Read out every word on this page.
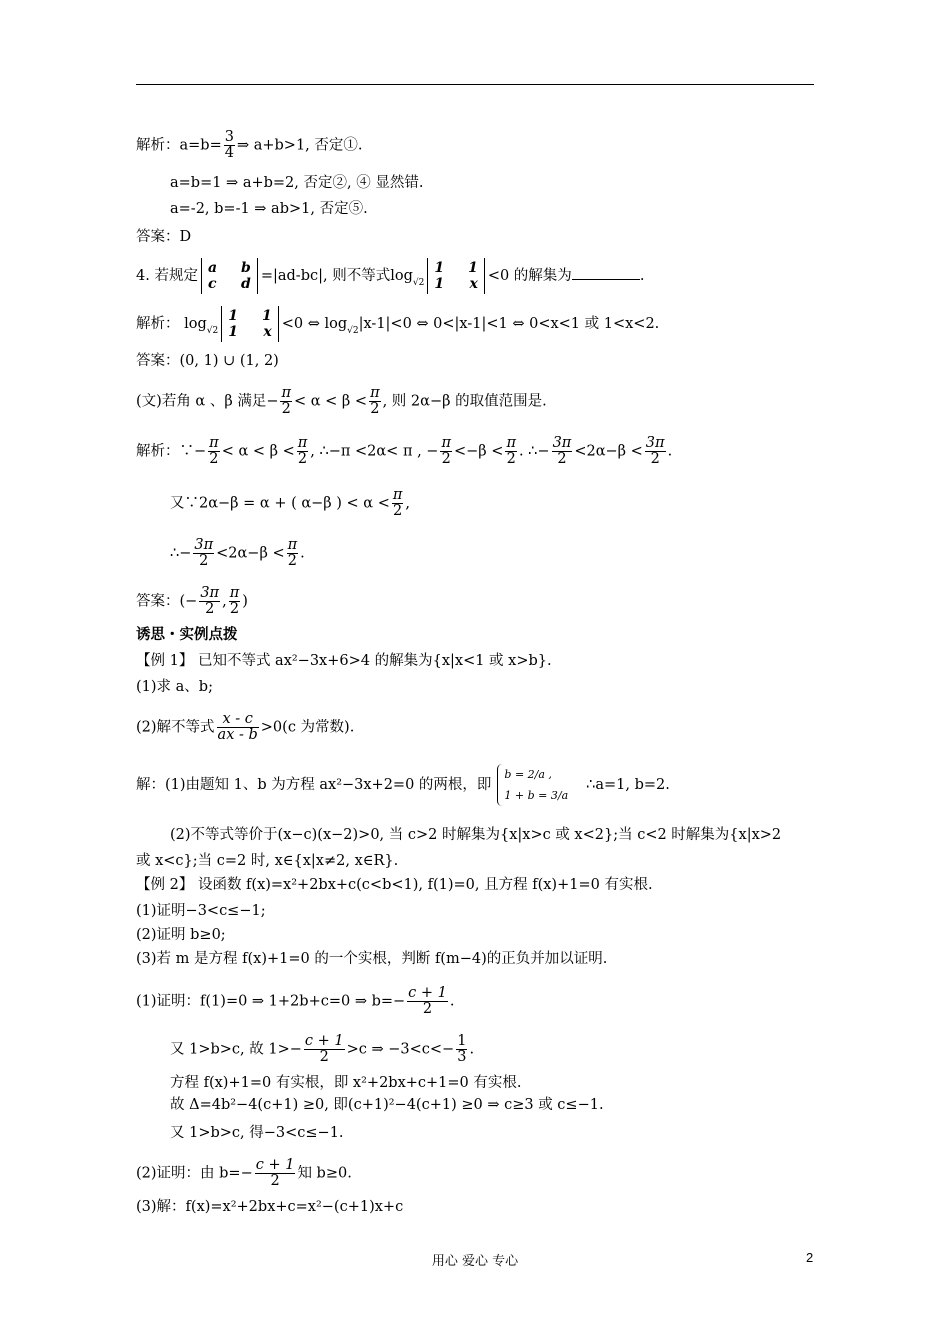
解析：$a=b= \frac{3}{4}$ ⇒ a+b>1, 否定①.
a=b=1 ⇒ a+b=2, 否定②, ④ 显然错.
a=-2, b=-1 ⇒ ab>1, 否定⑤.
答案：D
4. 若规定 a	b
c	d =|ad-bc|, 则不等式$\log_{√2}$
1	1
1	x <0 的解集为	.
解析： $\log_{√2}$
1	1
1	x <0 ⇔ $\log_{√2}|x-1|<0$ ⇔ 0<|x-1|<1 ⇔ 0<x<1 或 1<x<2.
答案：(0, 1) ∪ (1, 2)
(文)若角 α 、β 满足− $\frac{\pi}{2} < \alpha < \beta < \frac{\pi}{2}$ , 则 2α−β 的取值范围是.
解析：∵− $\frac{\pi}{2} < \alpha < \beta < \frac{\pi}{2}$ , ∴−π <2α< π , − $\frac{\pi}{2} <-\beta < \frac{\pi}{2}$ . ∴− $\frac{3\pi}{2} <2\alpha-\beta < \frac{3\pi}{2}$ .
又∵2α−β = α + ( α−β ) < $\alpha < \frac{\pi}{2}$ ,
∴− $\frac{3\pi}{2} <2\alpha-\beta < \frac{\pi}{2}$ .
答案：(− $\frac{3\pi}{2}$ , $\frac{\pi}{2}$ )
诱思・实例点拨
【例 1】 已知不等式 ax²−3x+6>4 的解集为{x|x<1 或 x>b}.
(1)求 a、b;
(2)解不等式 $\frac{x - c}{ax - b} >0(c$ 为常数).
解：(1)由题知 1、b 为方程 ax²−3x+2=0 的两根，即
b = 2/a ,
1 + b = 3/a
∴a=1, b=2.
(2)不等式等价于(x−c)(x−2)>0, 当 c>2 时解集为{x|x>c 或 x<2};当 c<2 时解集为{x|x>2
或 x<c};当 c=2 时, x∈{x|x≠2, x∈R}.
【例 2】 设函数 f(x)=x²+2bx+c(c<b<1), f(1)=0, 且方程 f(x)+1=0 有实根.
(1)证明−3<c≤−1;
(2)证明 b≥0;
(3)若 m 是方程 f(x)+1=0 的一个实根，判断 f(m−4)的正负并加以证明.
(1)证明：f(1)=0 ⇒ 1+2b+c=0 ⇒ $b=- \frac{c + 1}{2}$ .
又 1>b>c, 故 $1>- \frac{c + 1}{2} >c$ ⇒ $-3<c<- \frac{1}{3}$ .
方程 f(x)+1=0 有实根，即 x²+2bx+c+1=0 有实根.
故 Δ=4b²−4(c+1) ≥0, 即(c+1)²−4(c+1) ≥0 ⇒ c≥3 或 c≤−1.
又 1>b>c, 得−3<c≤−1.
(2)证明：由 $b=- \frac{c + 1}{2}$ 知 b≥0.
(3)解：f(x)=x²+2bx+c=x²−(c+1)x+c
用心 爱心 专心	2
